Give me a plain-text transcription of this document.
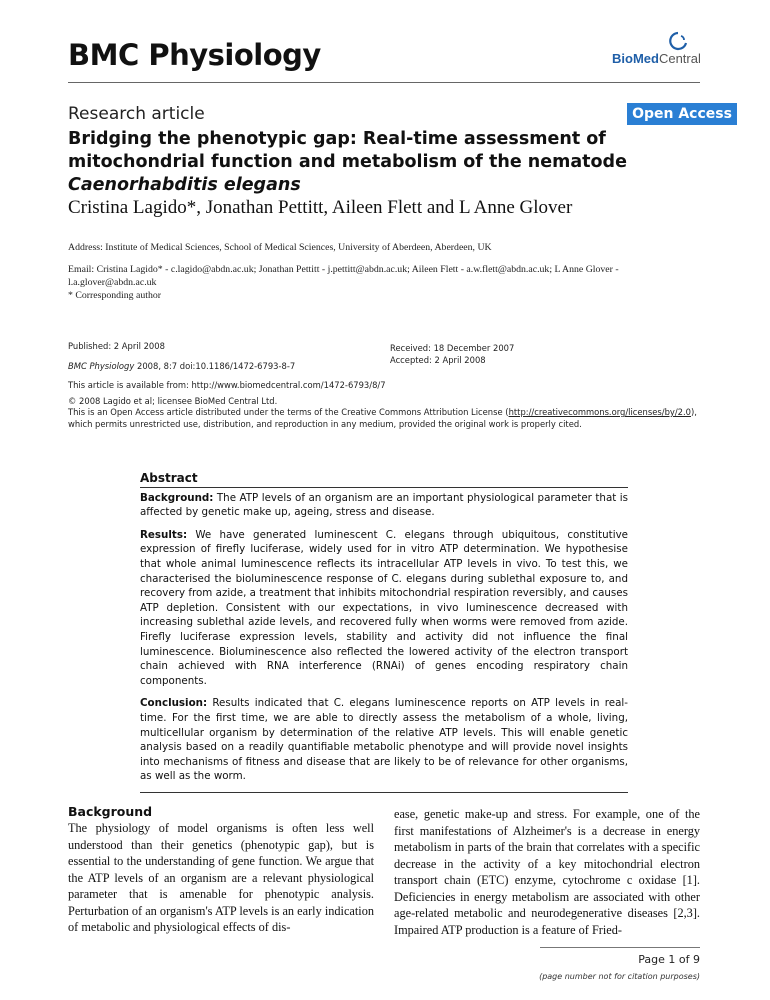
BMC Physiology	BioMedCentral
Research article	Open Access
Bridging the phenotypic gap: Real-time assessment of mitochondrial function and metabolism of the nematode Caenorhabditis elegans
Cristina Lagido*, Jonathan Pettitt, Aileen Flett and L Anne Glover
Address: Institute of Medical Sciences, School of Medical Sciences, University of Aberdeen, Aberdeen, UK
Email: Cristina Lagido* - c.lagido@abdn.ac.uk; Jonathan Pettitt - j.pettitt@abdn.ac.uk; Aileen Flett - a.w.flett@abdn.ac.uk; L Anne Glover - l.a.glover@abdn.ac.uk
* Corresponding author
Published: 2 April 2008
BMC Physiology 2008, 8:7 doi:10.1186/1472-6793-8-7
Received: 18 December 2007
Accepted: 2 April 2008
This article is available from: http://www.biomedcentral.com/1472-6793/8/7
© 2008 Lagido et al; licensee BioMed Central Ltd.
This is an Open Access article distributed under the terms of the Creative Commons Attribution License (http://creativecommons.org/licenses/by/2.0), which permits unrestricted use, distribution, and reproduction in any medium, provided the original work is properly cited.
Abstract

Background: The ATP levels of an organism are an important physiological parameter that is affected by genetic make up, ageing, stress and disease.

Results: We have generated luminescent C. elegans through ubiquitous, constitutive expression of firefly luciferase, widely used for in vitro ATP determination. We hypothesise that whole animal luminescence reflects its intracellular ATP levels in vivo. To test this, we characterised the bioluminescence response of C. elegans during sublethal exposure to, and recovery from azide, a treatment that inhibits mitochondrial respiration reversibly, and causes ATP depletion. Consistent with our expectations, in vivo luminescence decreased with increasing sublethal azide levels, and recovered fully when worms were removed from azide. Firefly luciferase expression levels, stability and activity did not influence the final luminescence. Bioluminescence also reflected the lowered activity of the electron transport chain achieved with RNA interference (RNAi) of genes encoding respiratory chain components.

Conclusion: Results indicated that C. elegans luminescence reports on ATP levels in real-time. For the first time, we are able to directly assess the metabolism of a whole, living, multicellular organism by determination of the relative ATP levels. This will enable genetic analysis based on a readily quantifiable metabolic phenotype and will provide novel insights into mechanisms of fitness and disease that are likely to be of relevance for other organisms, as well as the worm.

Background
The physiology of model organisms is often less well understood than their genetics (phenotypic gap), but is essential to the understanding of gene function. We argue that the ATP levels of an organism are a relevant physiological parameter that is amenable for phenotypic analysis. Perturbation of an organism's ATP levels is an early indication of metabolic and physiological effects of dis-
ease, genetic make-up and stress. For example, one of the first manifestations of Alzheimer's is a decrease in energy metabolism in parts of the brain that correlates with a specific decrease in the activity of a key mitochondrial electron transport chain (ETC) enzyme, cytochrome c oxidase [1]. Deficiencies in energy metabolism are associated with other age-related metabolic and neurodegenerative diseases [2,3]. Impaired ATP production is a feature of Fried-
Page 1 of 9
(page number not for citation purposes)
